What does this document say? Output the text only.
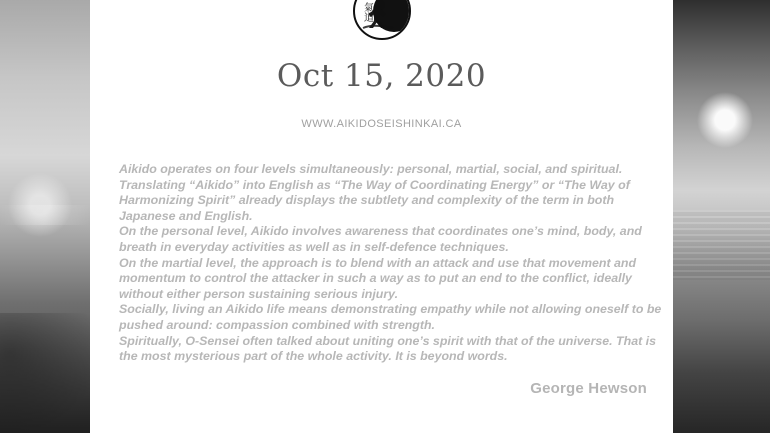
氣
道
Oct 15, 2020
WWW.AIKIDOSEISHINKAI.CA

Aikido operates on four levels simultaneously: personal, martial, social, and spiritual.

Translating “Aikido” into English as “The Way of Coordinating Energy” or “The Way of Harmonizing Spirit” already displays the subtlety and complexity of the term in both Japanese and English.

On the personal level, Aikido involves awareness that coordinates one’s mind, body, and breath in everyday activities as well as in self-defence techniques.

On the martial level, the approach is to blend with an attack and use that movement and momentum to control the attacker in such a way as to put an end to the conflict, ideally without either person sustaining serious injury.

Socially, living an Aikido life means demonstrating empathy while not allowing oneself to be pushed around: compassion combined with strength.

Spiritually, O-Sensei often talked about uniting one’s spirit with that of the universe. That is the most mysterious part of the whole activity. It is beyond words.

George Hewson
